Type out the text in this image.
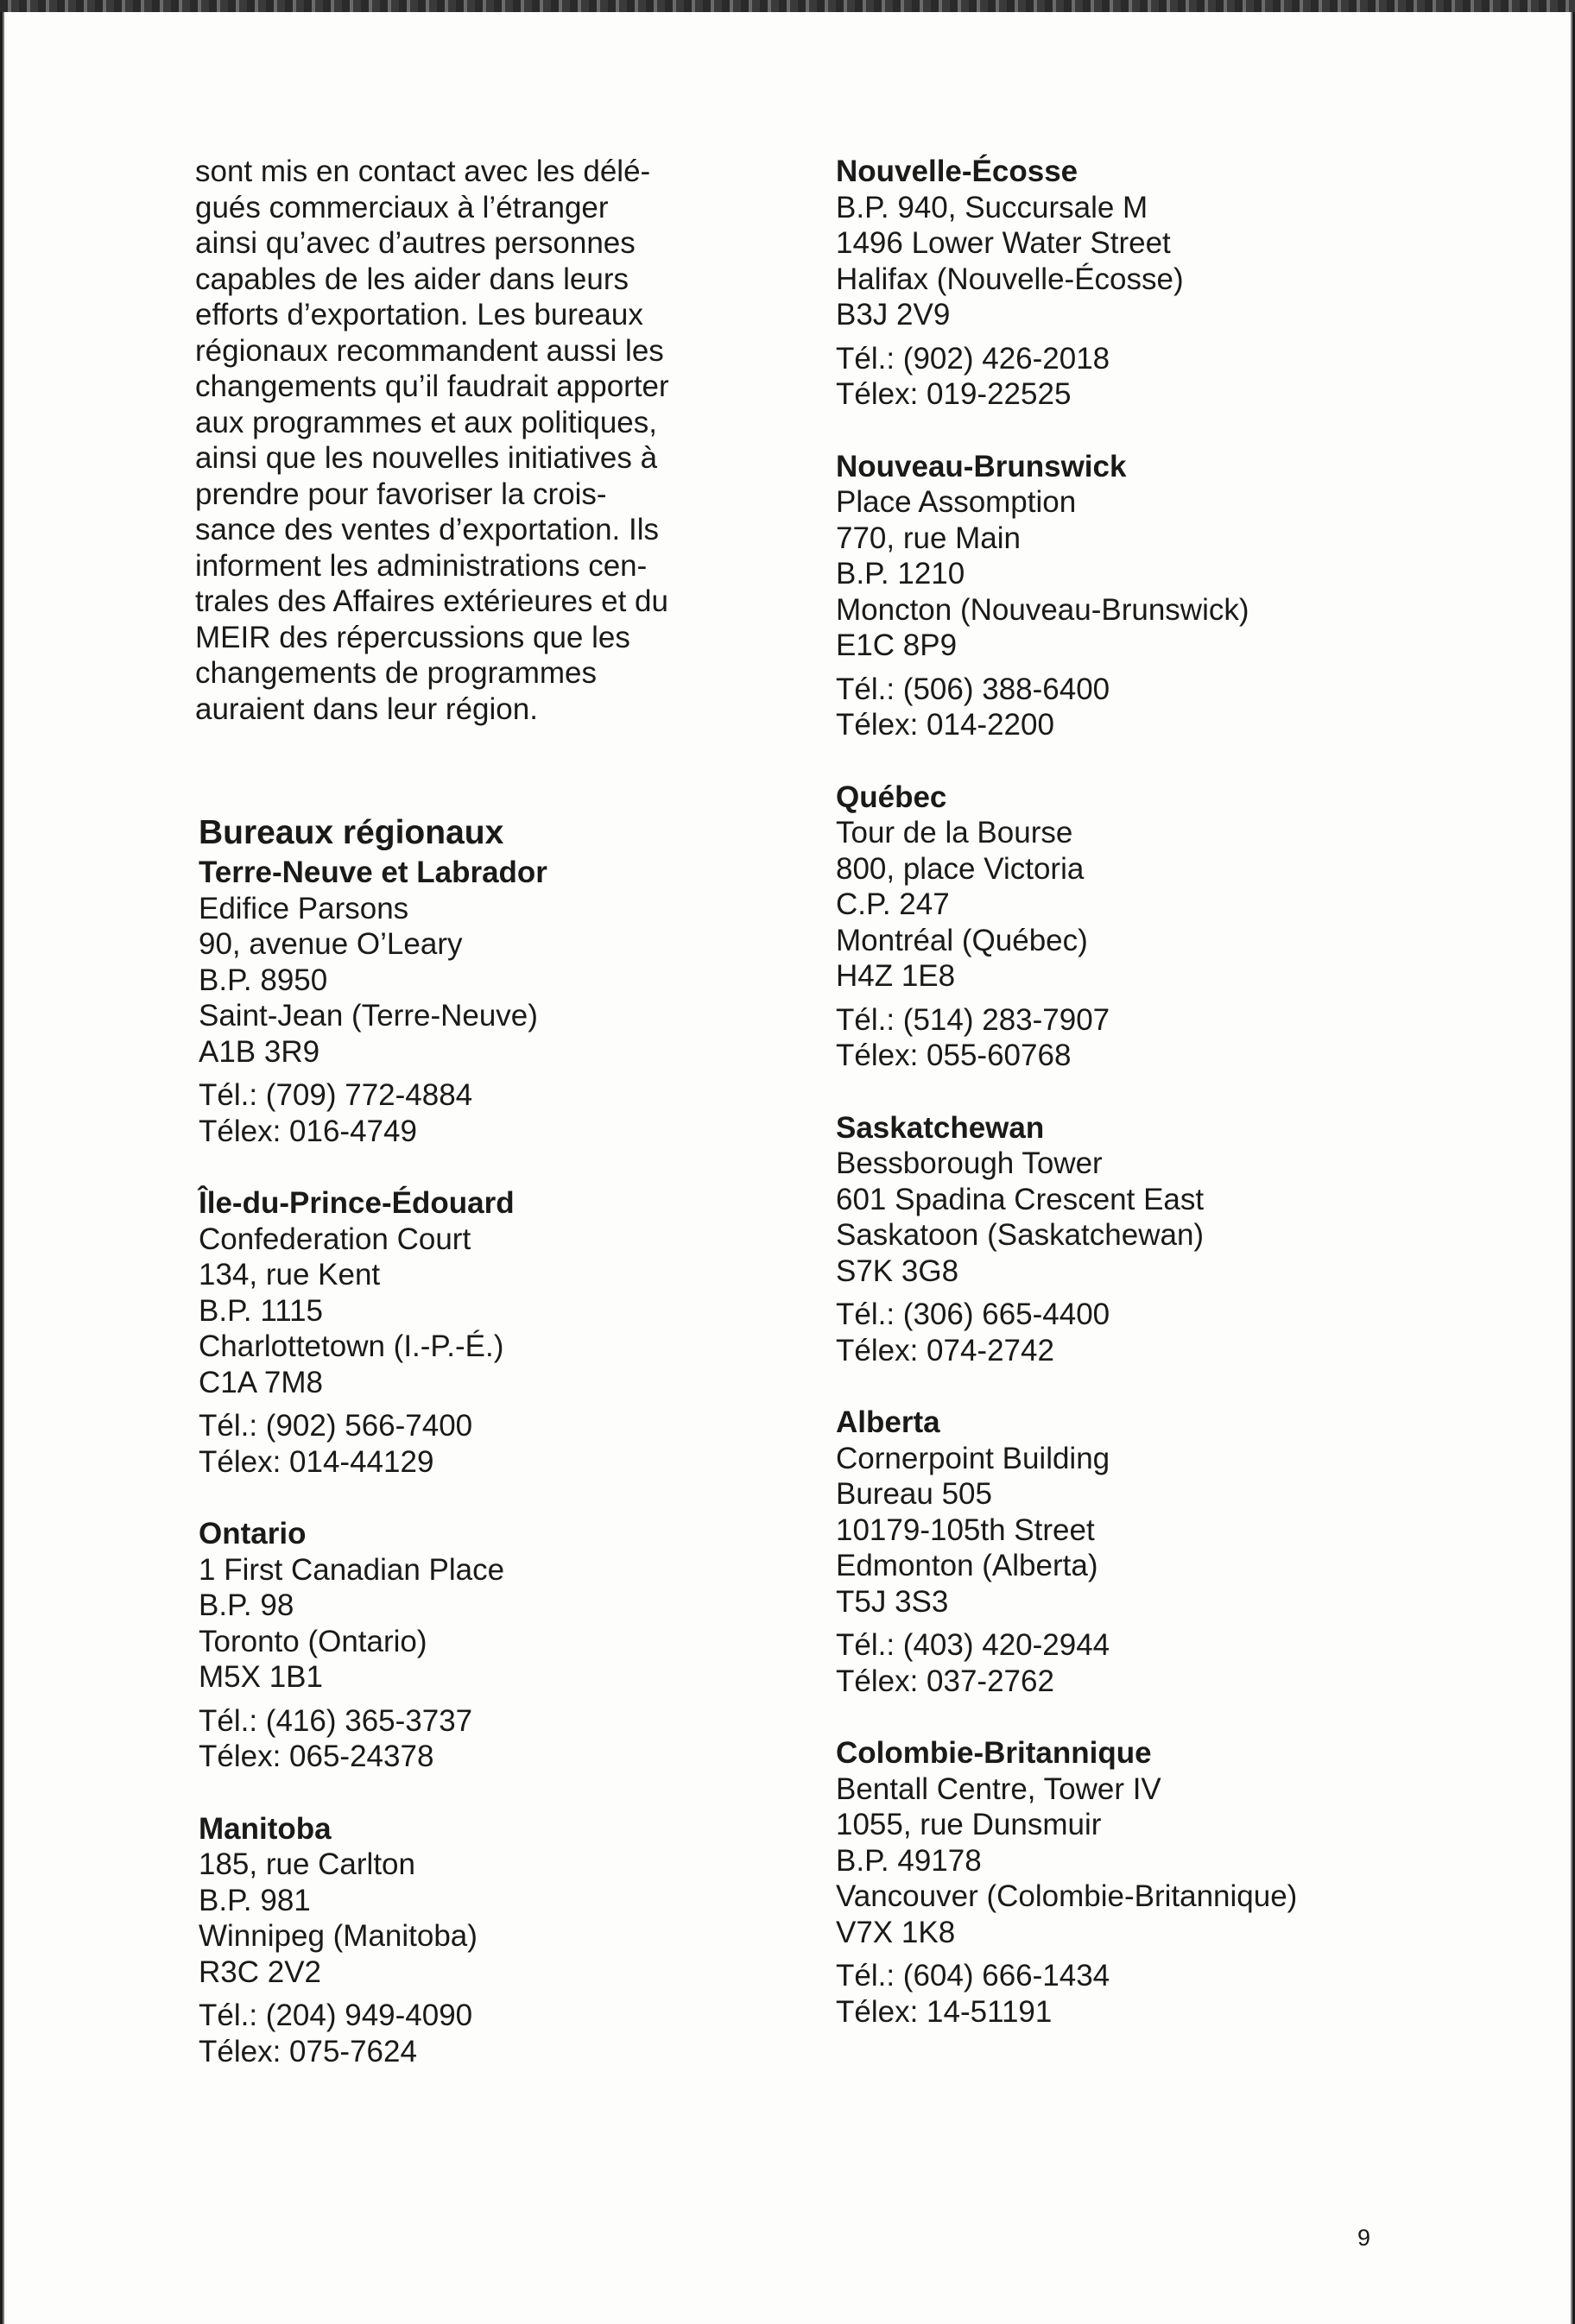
sont mis en contact avec les délé-
gués commerciaux à l’étranger
ainsi qu’avec d’autres personnes
capables de les aider dans leurs
efforts d’exportation. Les bureaux
régionaux recommandent aussi les
changements qu’il faudrait apporter
aux programmes et aux politiques,
ainsi que les nouvelles initiatives à
prendre pour favoriser la crois-
sance des ventes d’exportation. Ils
informent les administrations cen-
trales des Affaires extérieures et du
MEIR des répercussions que les
changements de programmes
auraient dans leur région.

Bureaux régionaux
Terre-Neuve et Labrador
Edifice Parsons
90, avenue O’Leary
B.P. 8950
Saint-Jean (Terre-Neuve)
A1B 3R9
Tél.: (709) 772-4884
Télex: 016-4749
Île-du-Prince-Édouard
Confederation Court
134, rue Kent
B.P. 1115
Charlottetown (I.-P.-É.)
C1A 7M8
Tél.: (902) 566-7400
Télex: 014-44129
Ontario
1 First Canadian Place
B.P. 98
Toronto (Ontario)
M5X 1B1
Tél.: (416) 365-3737
Télex: 065-24378
Manitoba
185, rue Carlton
B.P. 981
Winnipeg (Manitoba)
R3C 2V2
Tél.: (204) 949-4090
Télex: 075-7624
Nouvelle-Écosse
B.P. 940, Succursale M
1496 Lower Water Street
Halifax (Nouvelle-Écosse)
B3J 2V9
Tél.: (902) 426-2018
Télex: 019-22525
Nouveau-Brunswick
Place Assomption
770, rue Main
B.P. 1210
Moncton (Nouveau-Brunswick)
E1C 8P9
Tél.: (506) 388-6400
Télex: 014-2200
Québec
Tour de la Bourse
800, place Victoria
C.P. 247
Montréal (Québec)
H4Z 1E8
Tél.: (514) 283-7907
Télex: 055-60768
Saskatchewan
Bessborough Tower
601 Spadina Crescent East
Saskatoon (Saskatchewan)
S7K 3G8
Tél.: (306) 665-4400
Télex: 074-2742
Alberta
Cornerpoint Building
Bureau 505
10179-105th Street
Edmonton (Alberta)
T5J 3S3
Tél.: (403) 420-2944
Télex: 037-2762
Colombie-Britannique
Bentall Centre, Tower IV
1055, rue Dunsmuir
B.P. 49178
Vancouver (Colombie-Britannique)
V7X 1K8
Tél.: (604) 666-1434
Télex: 14-51191
9
